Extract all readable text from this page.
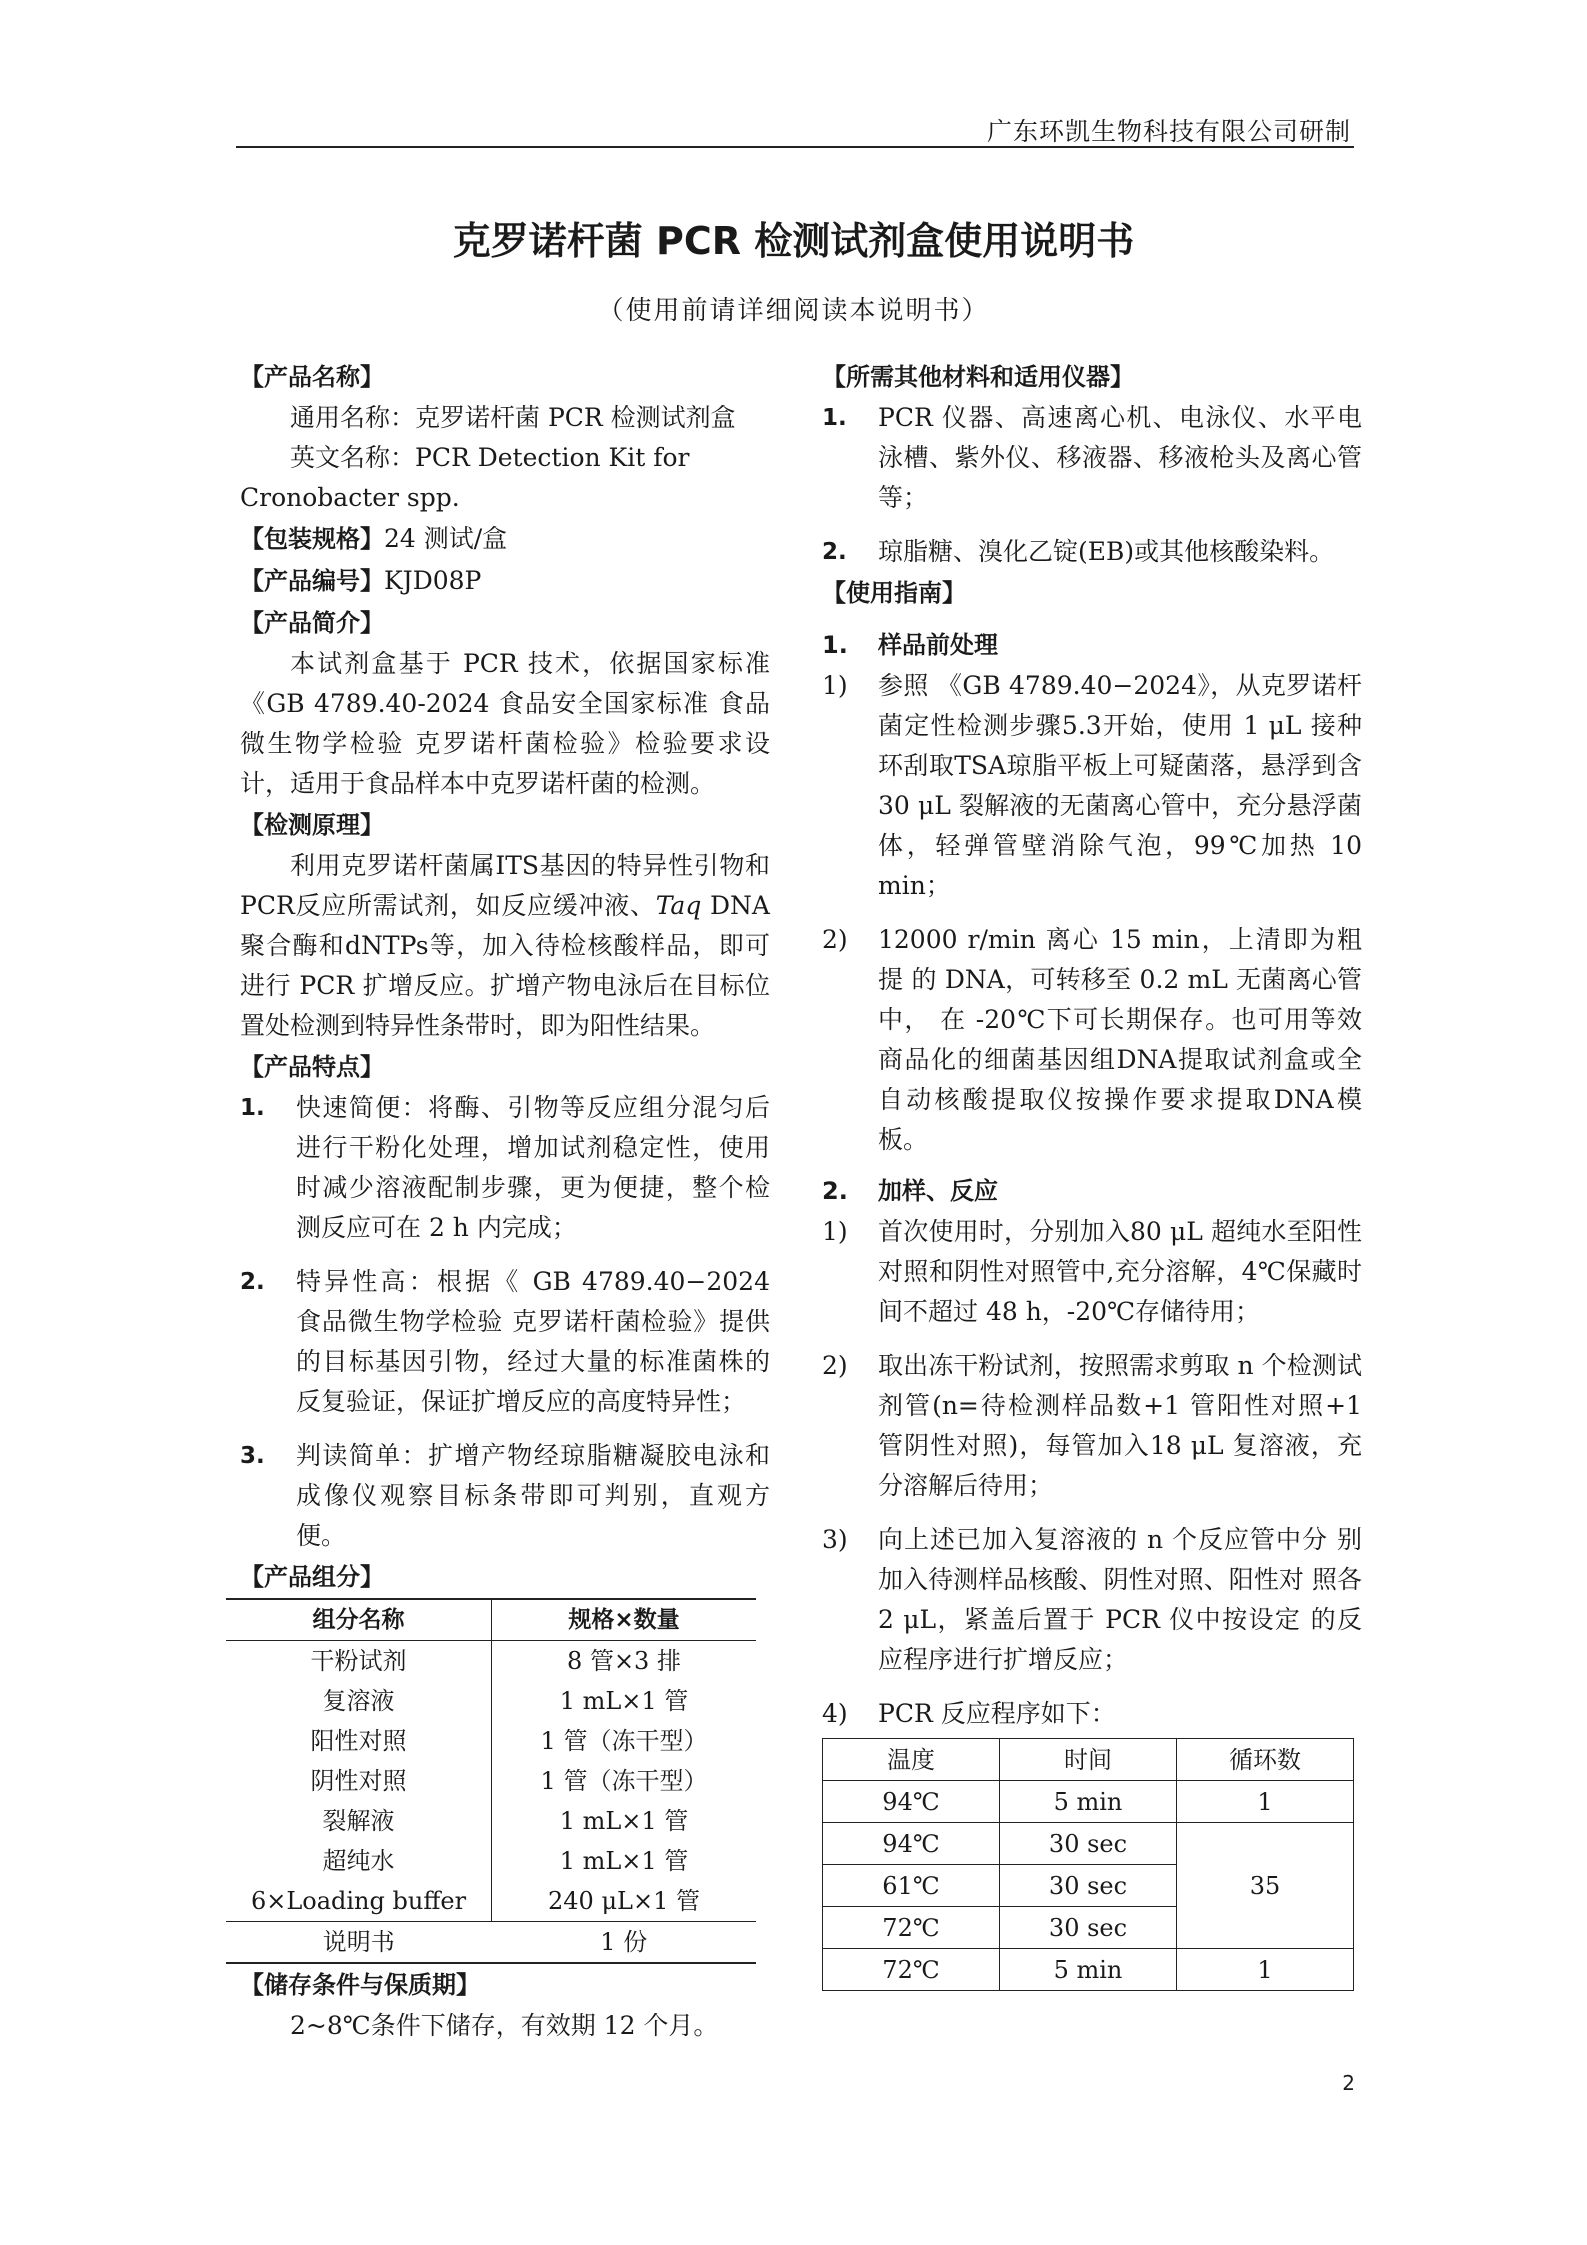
广东环凯生物科技有限公司研制
克罗诺杆菌 PCR 检测试剂盒使用说明书
（使用前请详细阅读本说明书）
【产品名称】

通用名称：克罗诺杆菌 PCR 检测试剂盒

英文名称：PCR Detection Kit for

Cronobacter spp.

【包装规格】24 测试/盒
【产品编号】KJD08P
【产品简介】

本试剂盒基于 PCR 技术，依据国家标准《GB 4789.40-2024 食品安全国家标准 食品微生物学检验 克罗诺杆菌检验》检验要求设计，适用于食品样本中克罗诺杆菌的检测。

【检测原理】

利用克罗诺杆菌属ITS基因的特异性引物和PCR反应所需试剂，如反应缓冲液、Taq DNA聚合酶和dNTPs等，加入待检核酸样品，即可进行 PCR 扩增反应。扩增产物电泳后在目标位置处检测到特异性条带时，即为阳性结果。

【产品特点】
1.	快速简便：将酶、引物等反应组分混匀后进行干粉化处理，增加试剂稳定性，使用时减少溶液配制步骤，更为便捷，整个检测反应可在 2 h 内完成；
2.	特异性高：根据《 GB 4789.40−2024 食品微生物学检验 克罗诺杆菌检验》提供的目标基因引物，经过大量的标准菌株的反复验证，保证扩增反应的高度特异性；
3.	判读简单：扩增产物经琼脂糖凝胶电泳和成像仪观察目标条带即可判别，直观方便。
【产品组分】
组分名称	规格×数量
干粉试剂	8 管×3 排
复溶液	1 mL×1 管
阳性对照	1 管（冻干型）
阴性对照	1 管（冻干型）
裂解液	1 mL×1 管
超纯水	1 mL×1 管
6×Loading buffer	240 μL×1 管
说明书	1 份
【储存条件与保质期】

2~8℃条件下储存，有效期 12 个月。

【所需其他材料和适用仪器】
1.	PCR 仪器、高速离心机、电泳仪、水平电泳槽、紫外仪、移液器、移液枪头及离心管等；
2.	琼脂糖、溴化乙锭(EB)或其他核酸染料。
【使用指南】
1.	样品前处理
1)	参照 《GB 4789.40−2024》，从克罗诺杆菌定性检测步骤5.3开始，使用 1 μL 接种环刮取TSA琼脂平板上可疑菌落，悬浮到含 30 μL 裂解液的无菌离心管中，充分悬浮菌体，轻弹管壁消除气泡，99℃加热 10 min；
2)	12000 r/min 离心 15 min，上清即为粗提 的 DNA，可转移至 0.2 mL 无菌离心管中， 在 -20℃下可长期保存。也可用等效商品化的细菌基因组DNA提取试剂盒或全自动核酸提取仪按操作要求提取DNA模板。
2.	加样、反应
1)	首次使用时，分别加入80 μL 超纯水至阳性对照和阴性对照管中,充分溶解，4℃保藏时间不超过 48 h，-20℃存储待用；
2)	取出冻干粉试剂，按照需求剪取 n 个检测试剂管(n=待检测样品数+1 管阳性对照+1 管阴性对照)，每管加入18 μL 复溶液，充分溶解后待用；
3)	向上述已加入复溶液的 n 个反应管中分 别加入待测样品核酸、阴性对照、阳性对 照各 2 μL，紧盖后置于 PCR 仪中按设定 的反应程序进行扩增反应；
4)	PCR 反应程序如下：
温度	时间	循环数
94℃	5 min	1
94℃	30 sec	35
61℃	30 sec	
72℃	30 sec	
72℃	5 min	1
2
